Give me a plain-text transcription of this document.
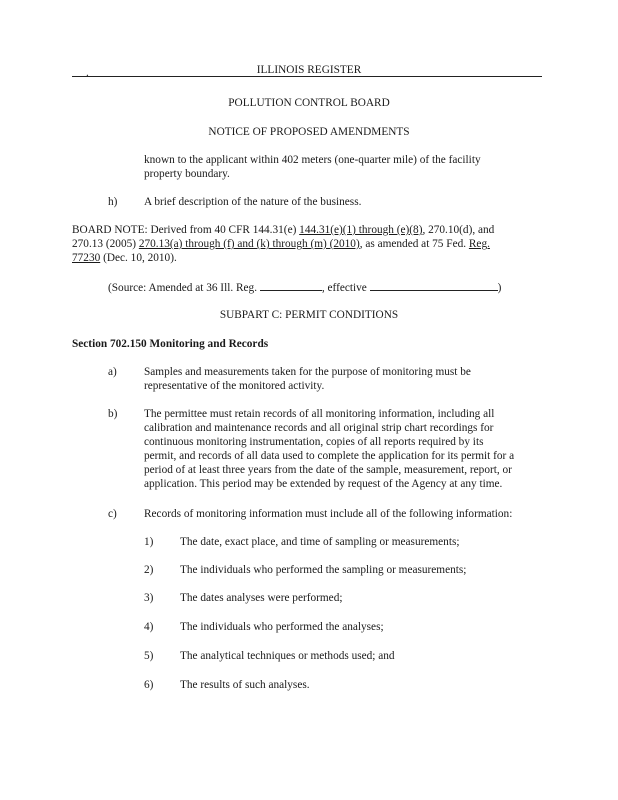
.	ILLINOIS REGISTER
POLLUTION CONTROL BOARD
NOTICE OF PROPOSED AMENDMENTS
known to the applicant within 402 meters (one-quarter mile) of the facility
property boundary.
h) A brief description of the nature of the business.
BOARD NOTE: Derived from 40 CFR 144.31(e) 144.31(e)(1) through (e)(8), 270.10(d), and
270.13 (2005) 270.13(a) through (f) and (k) through (m) (2010), as amended at 75 Fed. Reg.
77230 (Dec. 10, 2010).
(Source: Amended at 36 Ill. Reg.	, effective	)
SUBPART C: PERMIT CONDITIONS
Section 702.150 Monitoring and Records
a) Samples and measurements taken for the purpose of monitoring must be
representative of the monitored activity.
b) The permittee must retain records of all monitoring information, including all
calibration and maintenance records and all original strip chart recordings for
continuous monitoring instrumentation, copies of all reports required by its
permit, and records of all data used to complete the application for its permit for a
period of at least three years from the date of the sample, measurement, report, or
application. This period may be extended by request of the Agency at any time.
c) Records of monitoring information must include all of the following information:
1) The date, exact place, and time of sampling or measurements;
2) The individuals who performed the sampling or measurements;
3) The dates analyses were performed;
4) The individuals who performed the analyses;
5) The analytical techniques or methods used; and
6) The results of such analyses.
